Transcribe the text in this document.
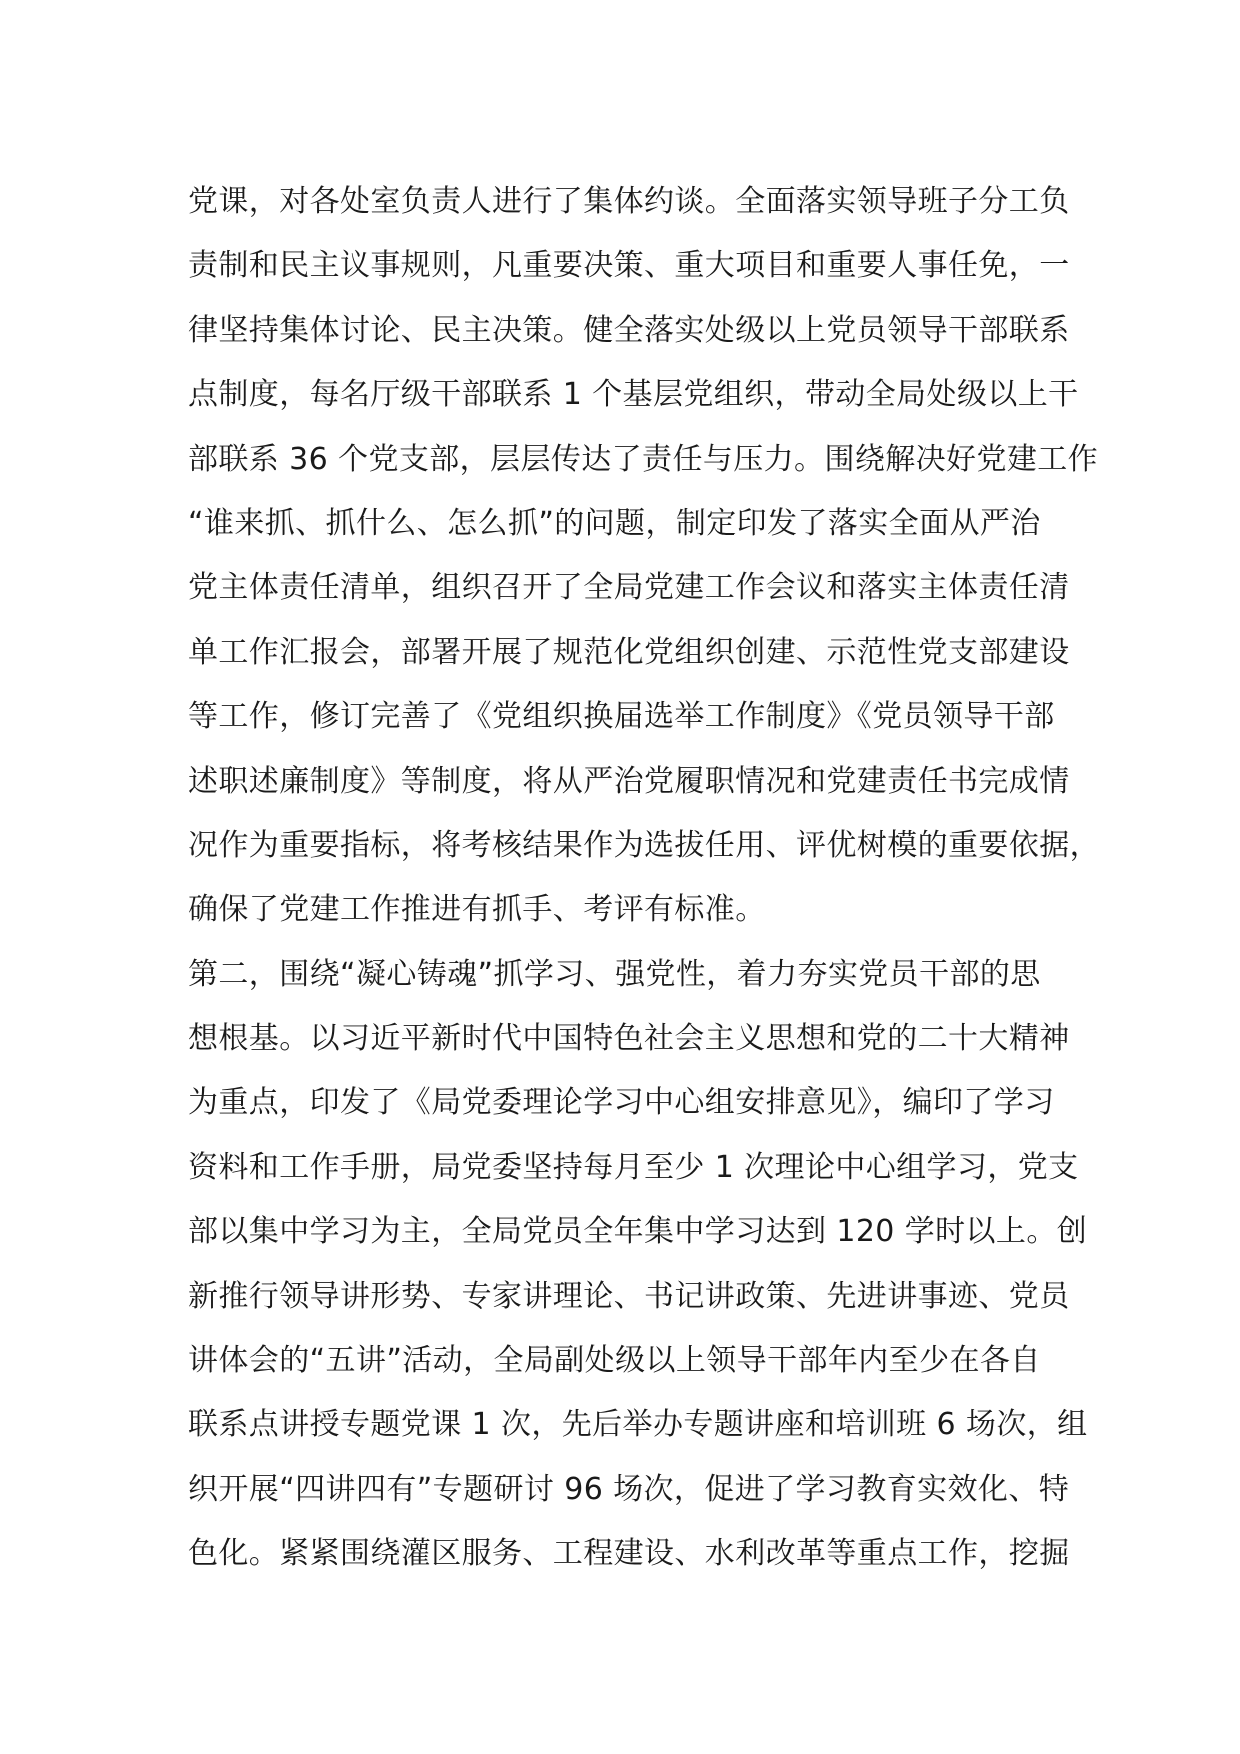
党课，对各处室负责人进行了集体约谈。全面落实领导班子分工负
责制和民主议事规则，凡重要决策、重大项目和重要人事任免，一
律坚持集体讨论、民主决策。健全落实处级以上党员领导干部联系
点制度，每名厅级干部联系 1 个基层党组织，带动全局处级以上干
部联系 36 个党支部，层层传达了责任与压力。围绕解决好党建工作
“谁来抓、抓什么、怎么抓”的问题，制定印发了落实全面从严治
党主体责任清单，组织召开了全局党建工作会议和落实主体责任清
单工作汇报会，部署开展了规范化党组织创建、示范性党支部建设
等工作，修订完善了《党组织换届选举工作制度》《党员领导干部
述职述廉制度》等制度，将从严治党履职情况和党建责任书完成情
况作为重要指标，将考核结果作为选拔任用、评优树模的重要依据，
确保了党建工作推进有抓手、考评有标准。
第二，围绕“凝心铸魂”抓学习、强党性，着力夯实党员干部的思
想根基。以习近平新时代中国特色社会主义思想和党的二十大精神
为重点，印发了《局党委理论学习中心组安排意见》，编印了学习
资料和工作手册，局党委坚持每月至少 1 次理论中心组学习，党支
部以集中学习为主，全局党员全年集中学习达到 120 学时以上。创
新推行领导讲形势、专家讲理论、书记讲政策、先进讲事迹、党员
讲体会的“五讲”活动，全局副处级以上领导干部年内至少在各自
联系点讲授专题党课 1 次，先后举办专题讲座和培训班 6 场次，组
织开展“四讲四有”专题研讨 96 场次，促进了学习教育实效化、特
色化。紧紧围绕灌区服务、工程建设、水利改革等重点工作，挖掘
